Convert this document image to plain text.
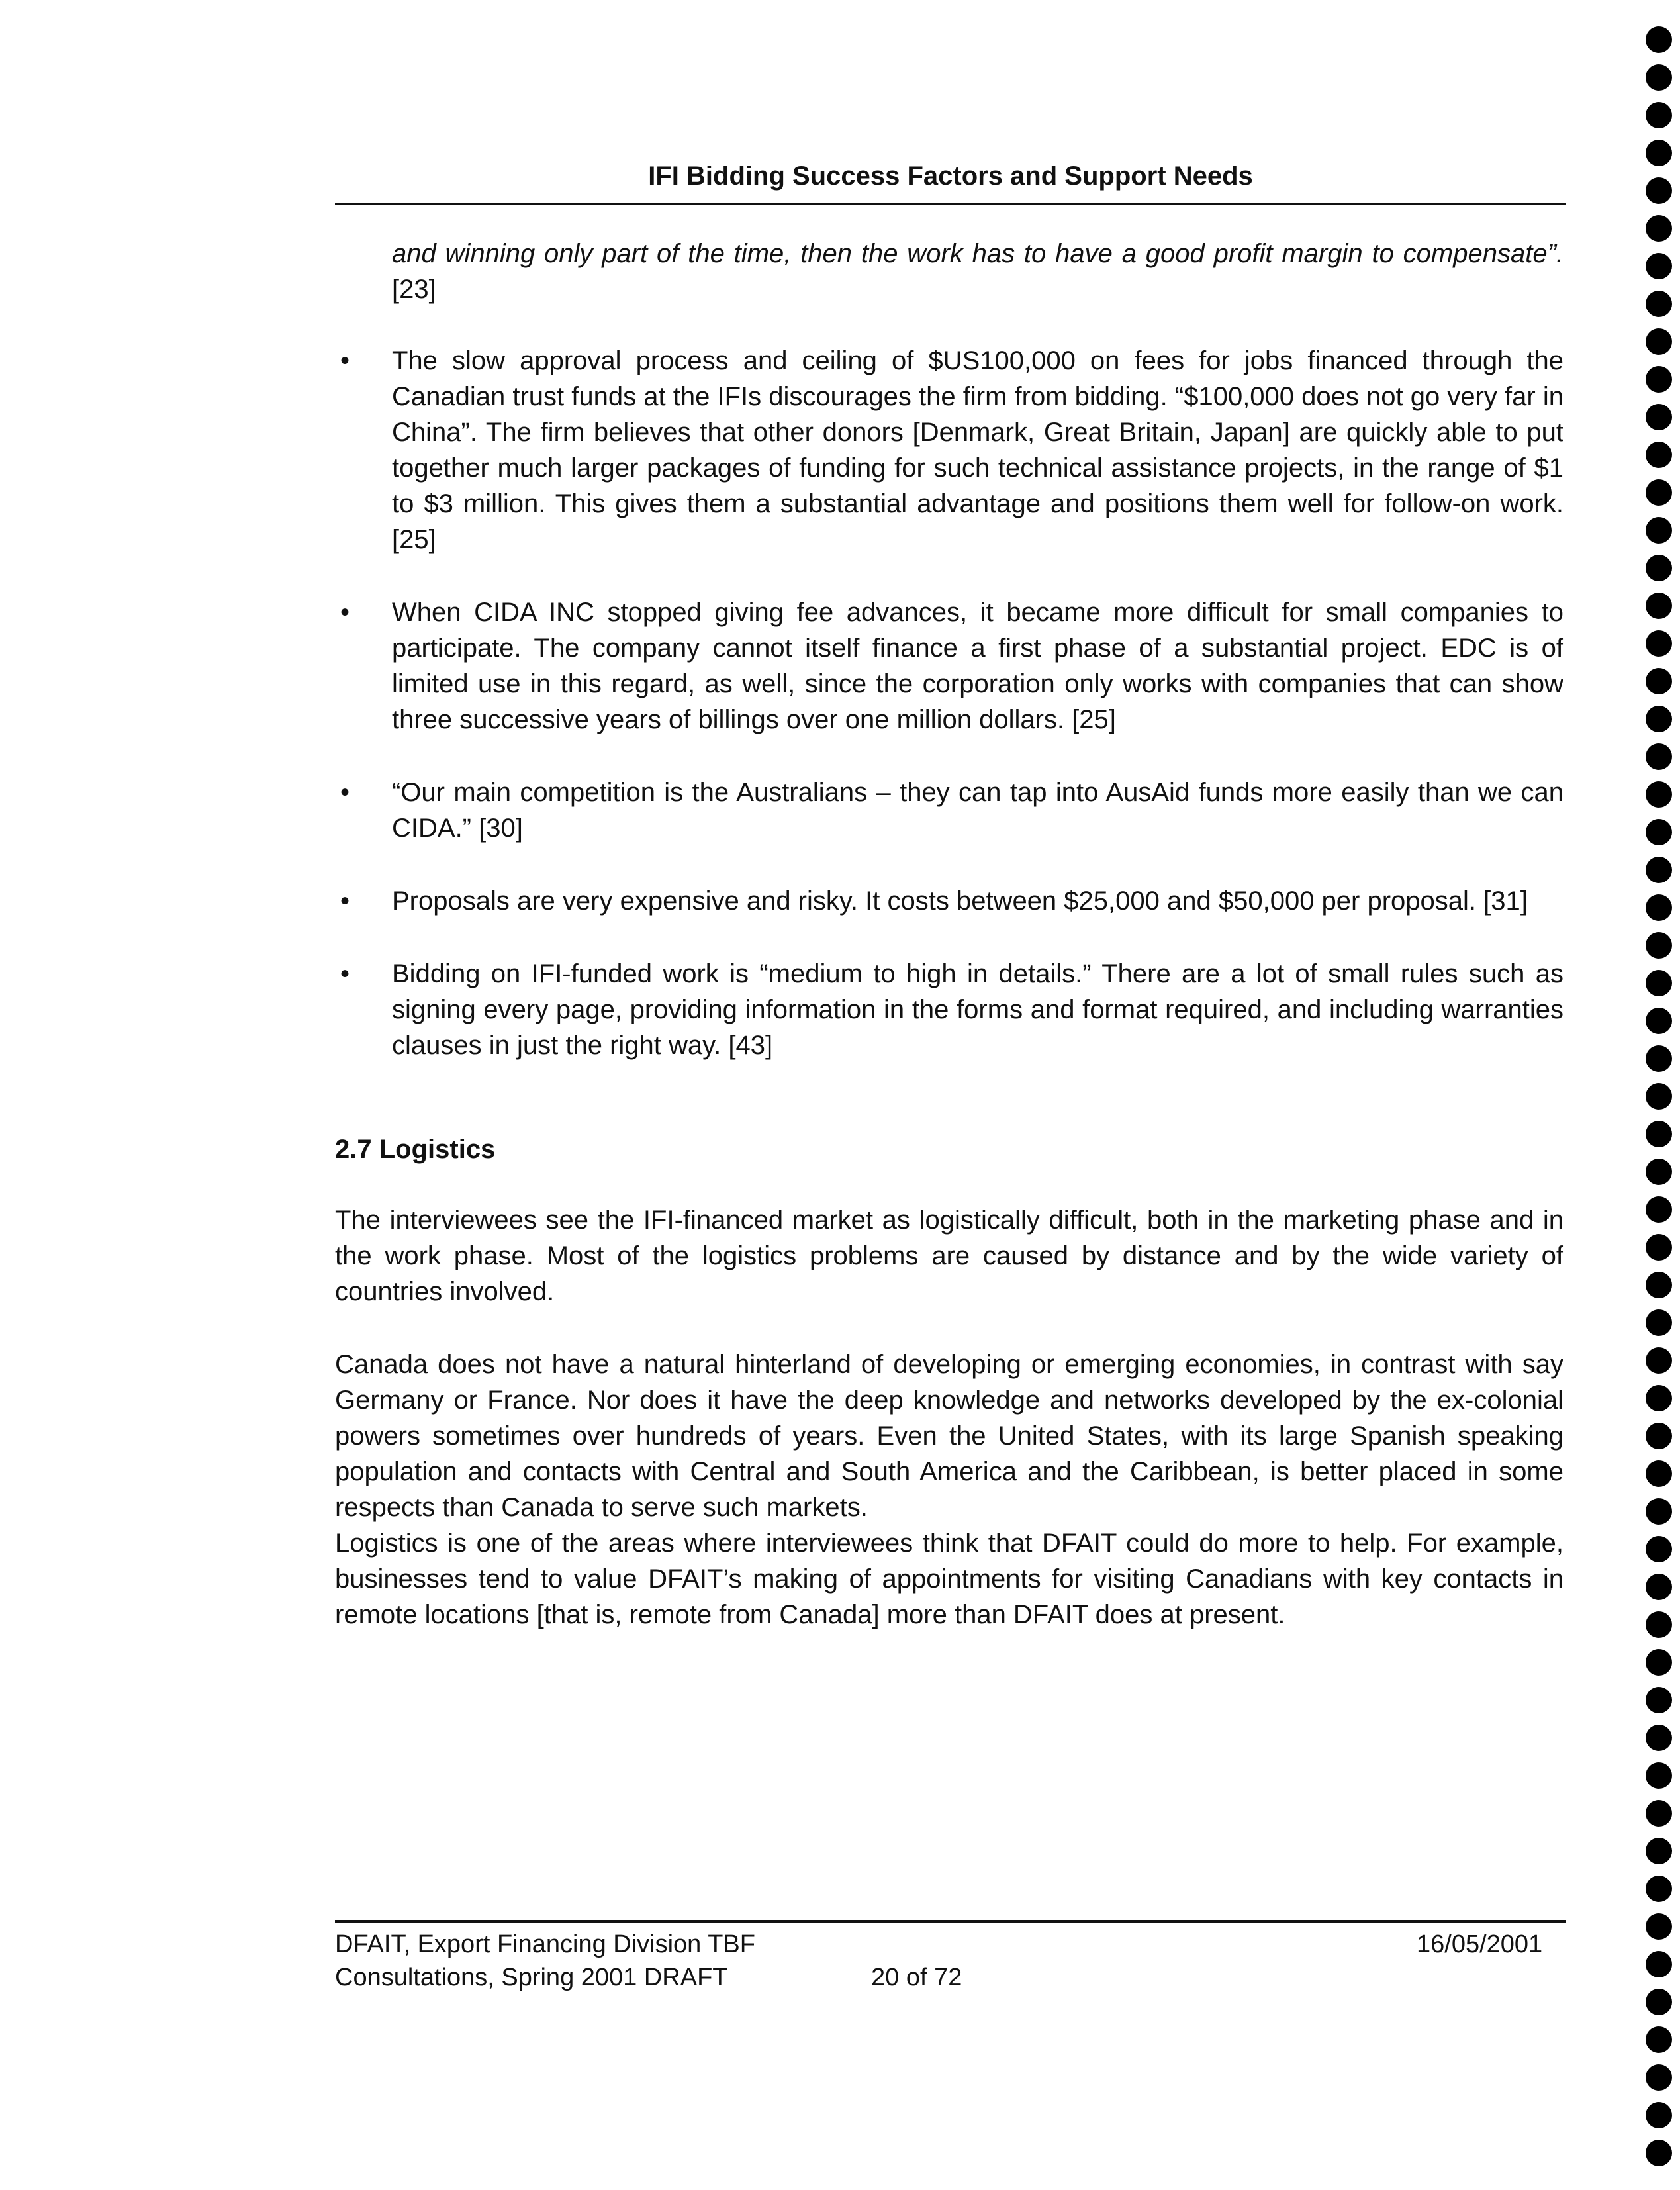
IFI Bidding Success Factors and Support Needs
and winning only part of the time, then the work has to have a good profit margin to compensate”. [23]
• The slow approval process and ceiling of $US100,000 on fees for jobs financed through the Canadian trust funds at the IFIs discourages the firm from bidding. “$100,000 does not go very far in China”. The firm believes that other donors [Denmark, Great Britain, Japan] are quickly able to put together much larger packages of funding for such technical assistance projects, in the range of $1 to $3 million. This gives them a substantial advantage and positions them well for follow-on work. [25]
• When CIDA INC stopped giving fee advances, it became more difficult for small companies to participate. The company cannot itself finance a first phase of a substantial project. EDC is of limited use in this regard, as well, since the corporation only works with companies that can show three successive years of billings over one million dollars. [25]
• “Our main competition is the Australians – they can tap into AusAid funds more easily than we can CIDA.” [30]
• Proposals are very expensive and risky. It costs between $25,000 and $50,000 per proposal. [31]
• Bidding on IFI-funded work is “medium to high in details.” There are a lot of small rules such as signing every page, providing information in the forms and format required, and including warranties clauses in just the right way. [43]
2.7 Logistics
The interviewees see the IFI-financed market as logistically difficult, both in the marketing phase and in the work phase. Most of the logistics problems are caused by distance and by the wide variety of countries involved.
Canada does not have a natural hinterland of developing or emerging economies, in contrast with say Germany or France. Nor does it have the deep knowledge and networks developed by the ex-colonial powers sometimes over hundreds of years. Even the United States, with its large Spanish speaking population and contacts with Central and South America and the Caribbean, is better placed in some respects than Canada to serve such markets.
Logistics is one of the areas where interviewees think that DFAIT could do more to help. For example, businesses tend to value DFAIT’s making of appointments for visiting Canadians with key contacts in remote locations [that is, remote from Canada] more than DFAIT does at present.
DFAIT, Export Financing Division TBF
Consultations, Spring 2001 DRAFT	20 of 72
16/05/2001
